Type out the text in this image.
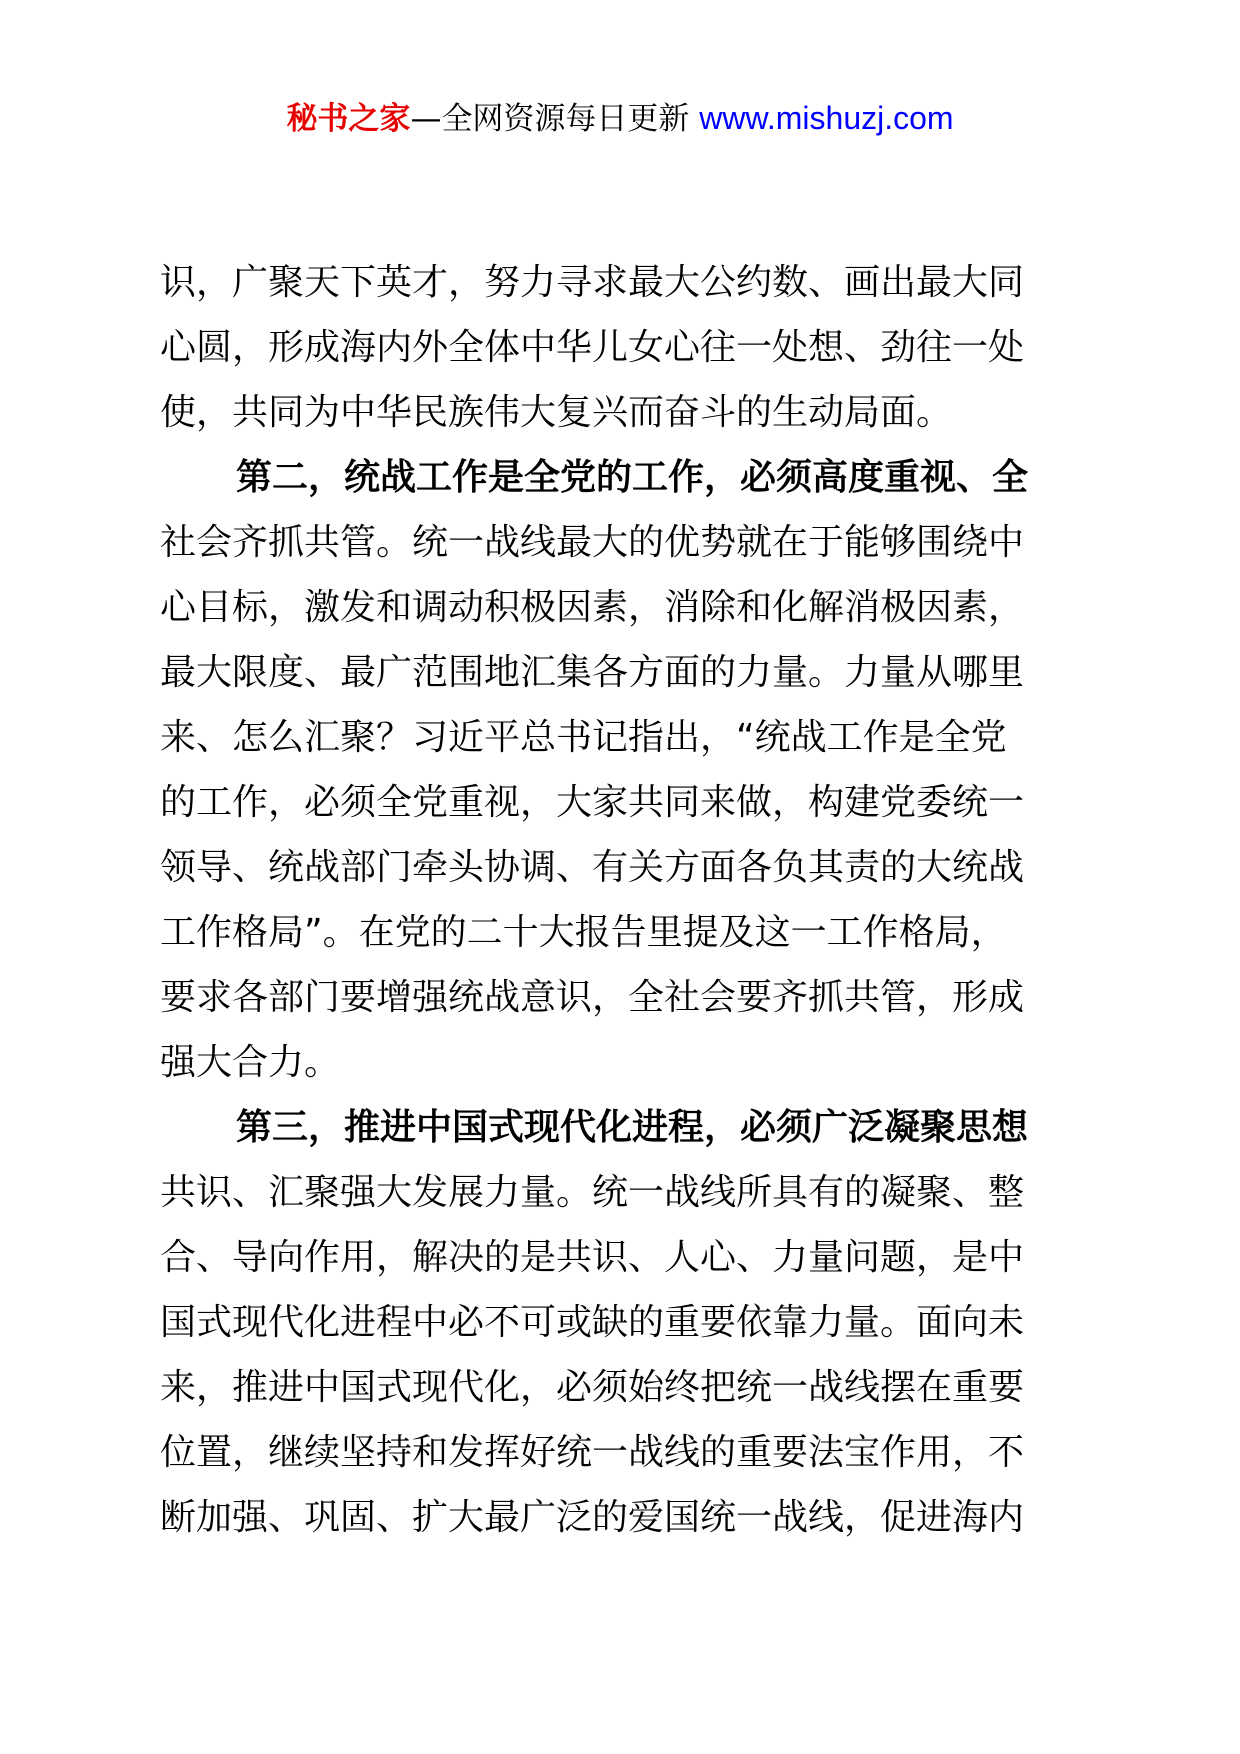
秘书之家—全网资源每日更新 www.mishuzj.com
识，广聚天下英才，努力寻求最大公约数、画出最大同
心圆，形成海内外全体中华儿女心往一处想、劲往一处
使，共同为中华民族伟大复兴而奋斗的生动局面。
第二，统战工作是全党的工作，必须高度重视、全
社会齐抓共管。统一战线最大的优势就在于能够围绕中
心目标，激发和调动积极因素，消除和化解消极因素，
最大限度、最广范围地汇集各方面的力量。力量从哪里
来、怎么汇聚？习近平总书记指出，“统战工作是全党
的工作，必须全党重视，大家共同来做，构建党委统一
领导、统战部门牵头协调、有关方面各负其责的大统战
工作格局”。在党的二十大报告里提及这一工作格局，
要求各部门要增强统战意识，全社会要齐抓共管，形成
强大合力。
第三，推进中国式现代化进程，必须广泛凝聚思想
共识、汇聚强大发展力量。统一战线所具有的凝聚、整
合、导向作用，解决的是共识、人心、力量问题，是中
国式现代化进程中必不可或缺的重要依靠力量。面向未
来，推进中国式现代化，必须始终把统一战线摆在重要
位置，继续坚持和发挥好统一战线的重要法宝作用，不
断加强、巩固、扩大最广泛的爱国统一战线，促进海内
